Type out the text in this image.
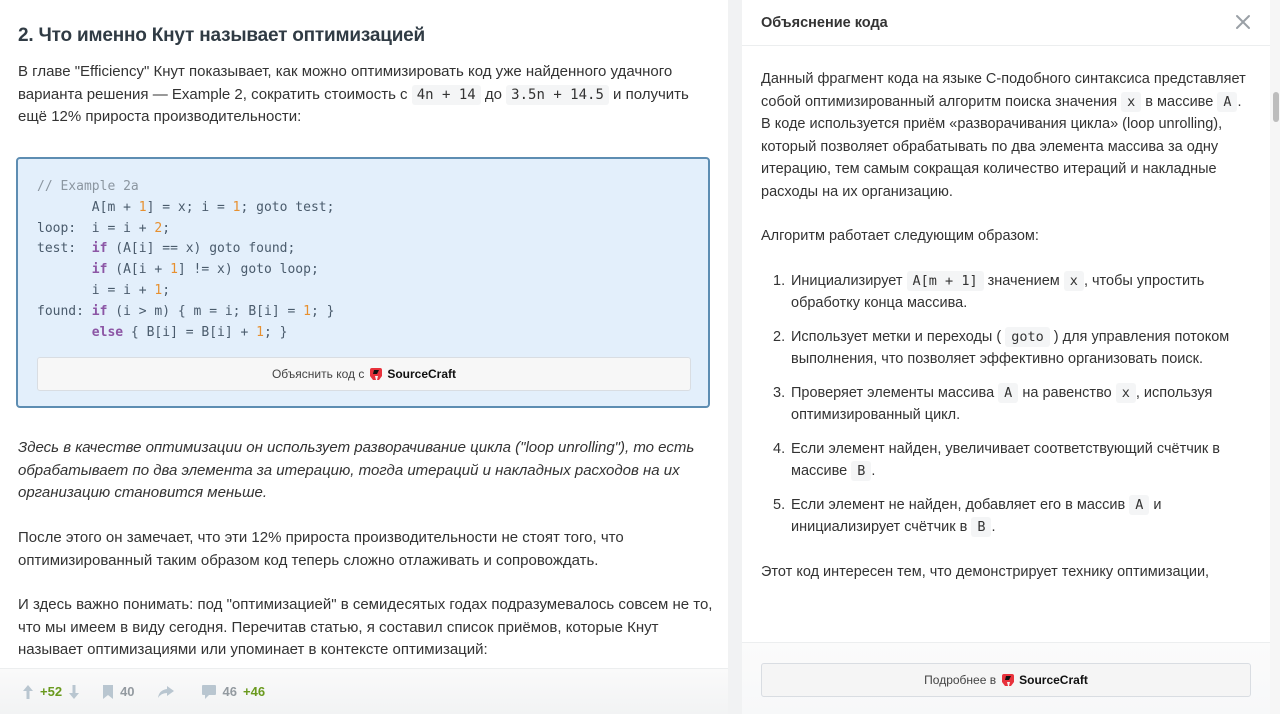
2. Что именно Кнут называет оптимизацией
В главе "Efficiency" Кнут показывает, как можно оптимизировать код уже найденного удачного варианта решения — Example 2, сократить стоимость с 4n + 14 до 3.5n + 14.5 и получить ещё 12% прироста производительности:
// Example 2a
A[m + 1] = x; i = 1; goto test;
loop:  i = i + 2;
test:  if (A[i] == x) goto found;
if (A[i + 1] != x) goto loop;
i = i + 1;
found: if (i > m) { m = i; B[i] = 1; }
else { B[i] = B[i] + 1; }
Объяснить код с SourceCraft
Здесь в качестве оптимизации он использует разворачивание цикла ("loop unrolling"), то есть обрабатывает по два элемента за итерацию, тогда итераций и накладных расходов на их организацию становится меньше.
После этого он замечает, что эти 12% прироста производительности не стоят того, что оптимизированный таким образом код теперь сложно отлаживать и сопровождать.
И здесь важно понимать: под "оптимизацией" в семидесятых годах подразумевалось совсем не то, что мы имеем в виду сегодня. Перечитав статью, я составил список приёмов, которые Кнут называет оптимизациями или упоминает в контексте оптимизаций:
+52	40	46 +46
Объяснение кода

Данный фрагмент кода на языке C-подобного синтаксиса представляет собой оптимизированный алгоритм поиска значения x в массиве A . В коде используется приём «разворачивания цикла» (loop unrolling), который позволяет обрабатывать по два элемента массива за одну итерацию, тем самым сокращая количество итераций и накладные расходы на их организацию.

Алгоритм работает следующим образом:

1. Инициализирует A[m + 1] значением x , чтобы упростить обработку конца массива.
2. Использует метки и переходы ( goto ) для управления потоком выполнения, что позволяет эффективно организовать поиск.
3. Проверяет элементы массива A на равенство x , используя оптимизированный цикл.
4. Если элемент найден, увеличивает соответствующий счётчик в массиве B .
5. Если элемент не найден, добавляет его в массив A и инициализирует счётчик в B .

Этот код интересен тем, что демонстрирует технику оптимизации,

Подробнее в SourceCraft
